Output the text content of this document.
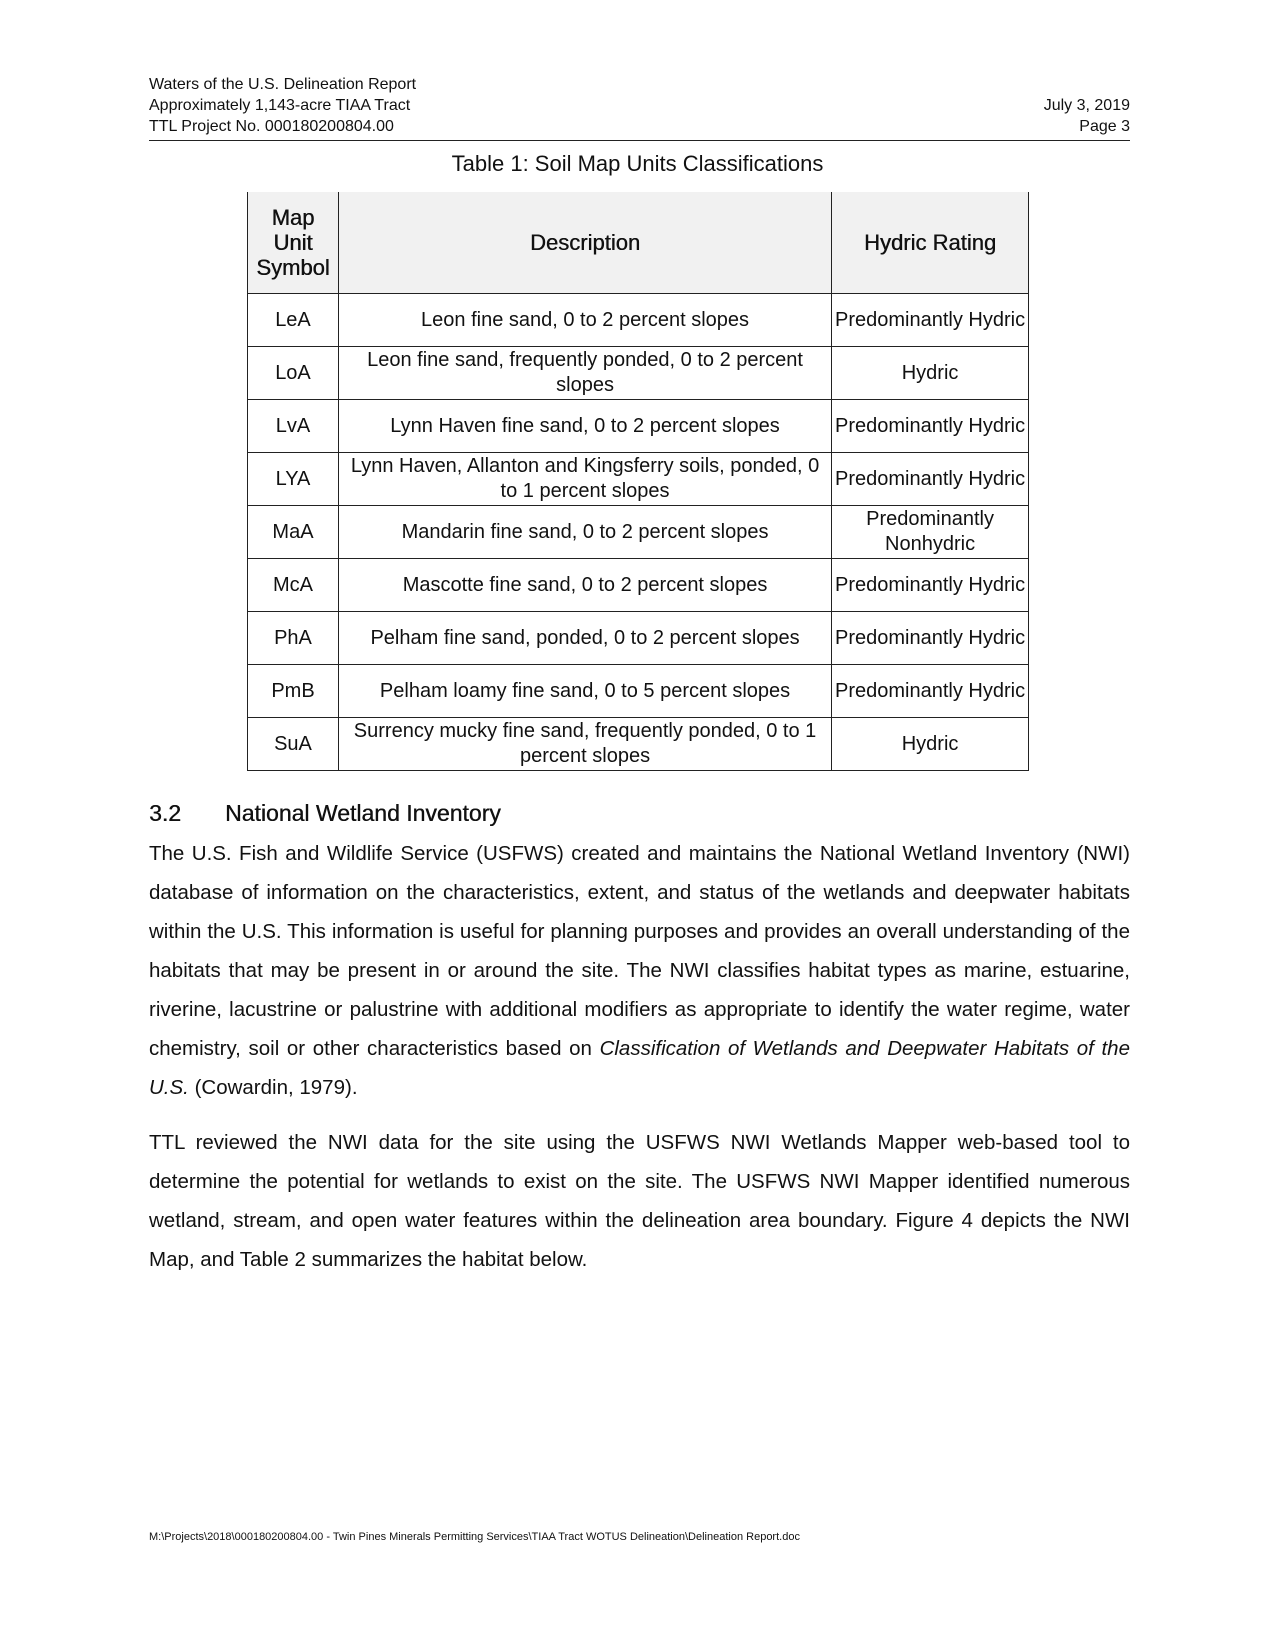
Waters of the U.S. Delineation Report
Approximately 1,143-acre TIAA Tract	July 3, 2019
TTL Project No. 000180200804.00	Page 3
Table 1: Soil Map Units Classifications
Map Unit Symbol	Description	Hydric Rating
LeA	Leon fine sand, 0 to 2 percent slopes	Predominantly Hydric
LoA	Leon fine sand, frequently ponded, 0 to 2 percent slopes	Hydric
LvA	Lynn Haven fine sand, 0 to 2 percent slopes	Predominantly Hydric
LYA	Lynn Haven, Allanton and Kingsferry soils, ponded, 0 to 1 percent slopes	Predominantly Hydric
MaA	Mandarin fine sand, 0 to 2 percent slopes	Predominantly Nonhydric
McA	Mascotte fine sand, 0 to 2 percent slopes	Predominantly Hydric
PhA	Pelham fine sand, ponded, 0 to 2 percent slopes	Predominantly Hydric
PmB	Pelham loamy fine sand, 0 to 5 percent slopes	Predominantly Hydric
SuA	Surrency mucky fine sand, frequently ponded, 0 to 1 percent slopes	Hydric
3.2	National Wetland Inventory

The U.S. Fish and Wildlife Service (USFWS) created and maintains the National Wetland Inventory (NWI) database of information on the characteristics, extent, and status of the wetlands and deepwater habitats within the U.S. This information is useful for planning purposes and provides an overall understanding of the habitats that may be present in or around the site. The NWI classifies habitat types as marine, estuarine, riverine, lacustrine or palustrine with additional modifiers as appropriate to identify the water regime, water chemistry, soil or other characteristics based on Classification of Wetlands and Deepwater Habitats of the U.S. (Cowardin, 1979).

TTL reviewed the NWI data for the site using the USFWS NWI Wetlands Mapper web-based tool to determine the potential for wetlands to exist on the site. The USFWS NWI Mapper identified numerous wetland, stream, and open water features within the delineation area boundary. Figure 4 depicts the NWI Map, and Table 2 summarizes the habitat below.

M:\Projects\2018\000180200804.00 - Twin Pines Minerals Permitting Services\TIAA Tract WOTUS Delineation\Delineation Report.doc
